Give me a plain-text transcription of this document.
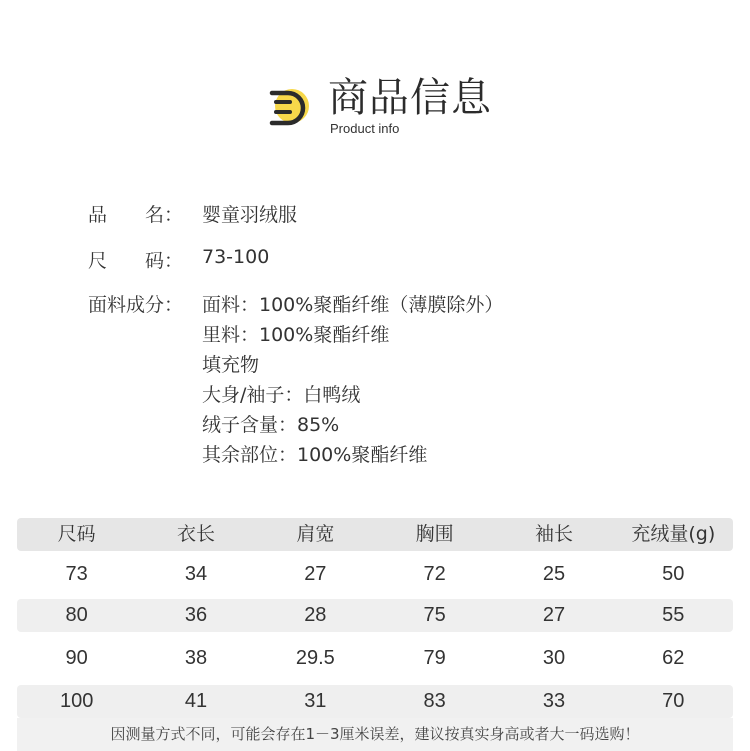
商品信息
Product info
品　　名： 婴童羽绒服
尺　　码： 73-100
面料成分： 面料：100%聚酯纤维（薄膜除外）
里料：100%聚酯纤维
填充物
大身/袖子：白鸭绒
绒子含量：85%
其余部位：100%聚酯纤维
尺码	衣长	肩宽	胸围	袖长	充绒量(g)
73	34	27	72	25	50
80	36	28	75	27	55
90	38	29.5	79	30	62
100	41	31	83	33	70
因测量方式不同，可能会存在1－3厘米误差，建议按真实身高或者大一码选购！
